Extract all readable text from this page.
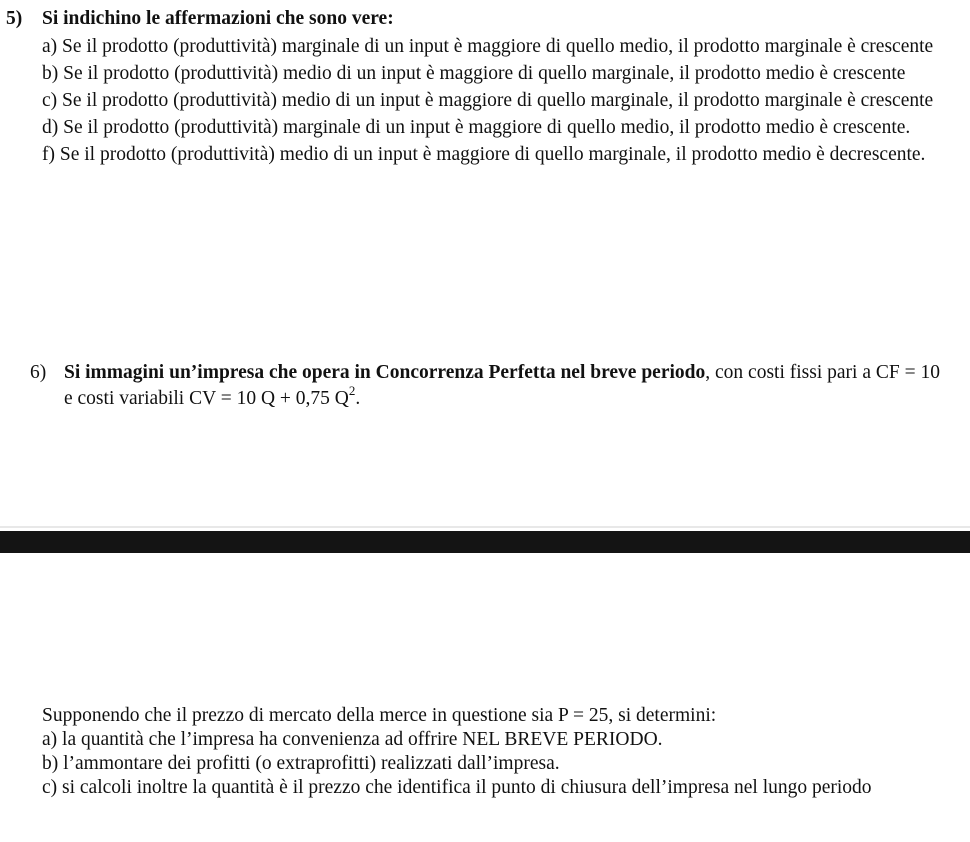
5) Si indichino le affermazioni che sono vere:
a) Se il prodotto (produttività) marginale di un input è maggiore di quello medio, il prodotto marginale è crescente
b) Se il prodotto (produttività) medio di un input è maggiore di quello marginale, il prodotto medio è crescente
c) Se il prodotto (produttività) medio di un input è maggiore di quello marginale, il prodotto marginale è crescente
d) Se il prodotto (produttività) marginale di un input è maggiore di quello medio, il prodotto medio è crescente.
f) Se il prodotto (produttività) medio di un input è maggiore di quello marginale, il prodotto medio è decrescente.
6) Si immagini un’impresa che opera in Concorrenza Perfetta nel breve periodo, con costi fissi pari a CF = 10 e costi variabili CV = 10 Q + 0,75 $Q^2$.
Supponendo che il prezzo di mercato della merce in questione sia P = 25, si determini:
a) la quantità che l’impresa ha convenienza ad offrire NEL BREVE PERIODO.
b) l’ammontare dei profitti (o extraprofitti) realizzati dall’impresa.
c) si calcoli inoltre la quantità è il prezzo che identifica il punto di chiusura dell’impresa nel lungo periodo
